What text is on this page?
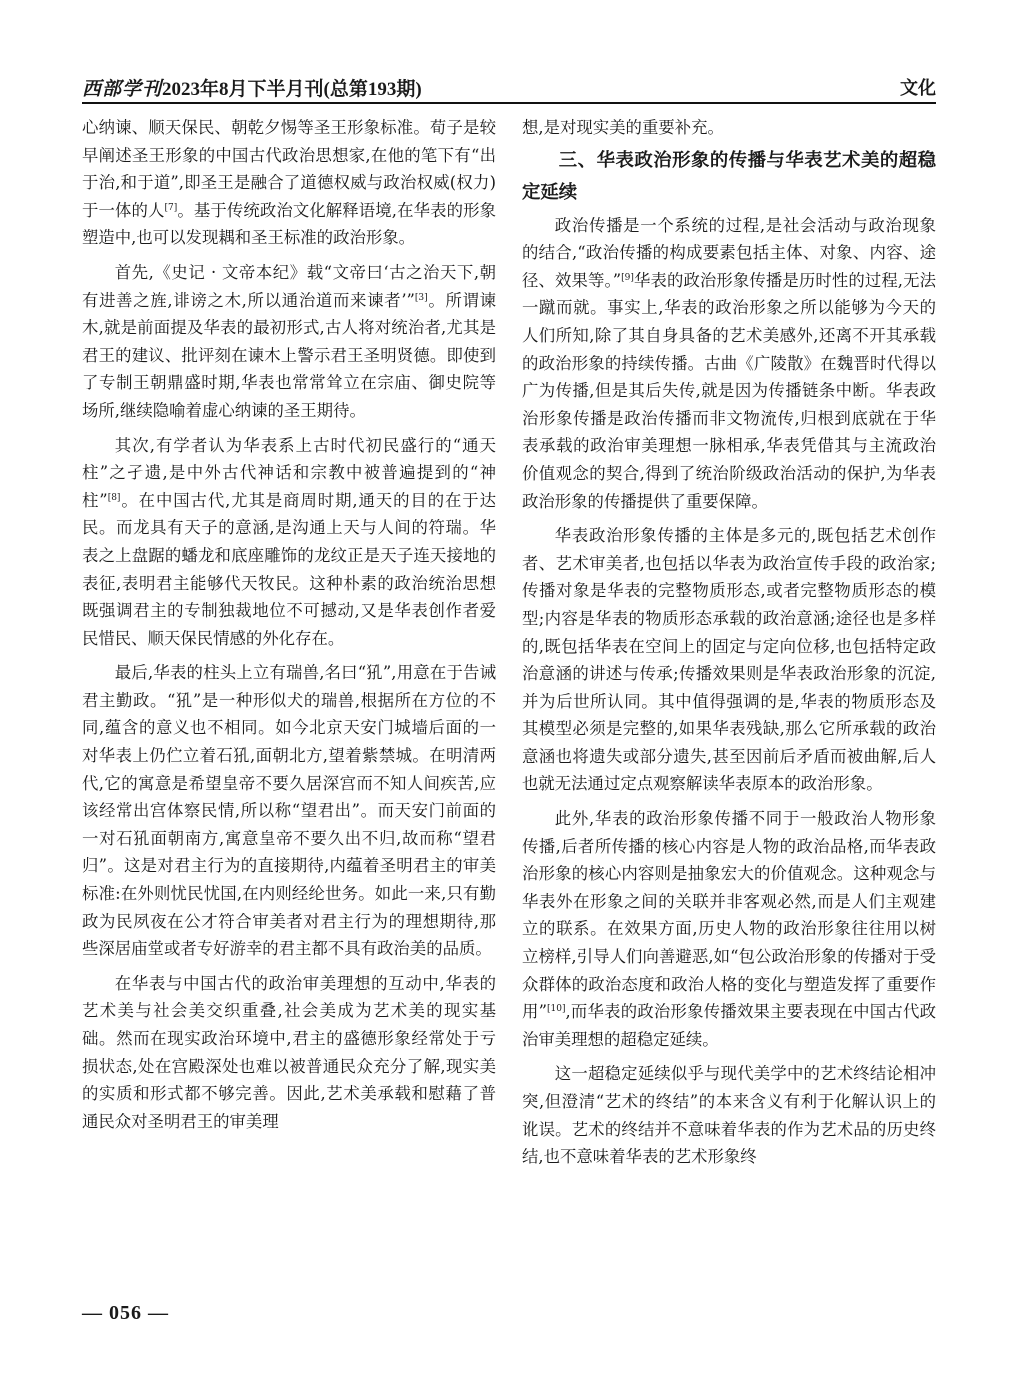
西部学刊2023年8月下半月刊(总第193期)	文化

心纳谏、顺天保民、朝乾夕惕等圣王形象标准。荀子是较早阐述圣王形象的中国古代政治思想家,在他的笔下有“出于治,和于道”,即圣王是融合了道德权威与政治权威(权力)于一体的人[7]。基于传统政治文化解释语境,在华表的形象塑造中,也可以发现耦和圣王标准的政治形象。

首先,《史记 · 文帝本纪》载“文帝曰‘古之治天下,朝有进善之旌,诽谤之木,所以通治道而来谏者’”[3]。所谓谏木,就是前面提及华表的最初形式,古人将对统治者,尤其是君王的建议、批评刻在谏木上警示君王圣明贤德。即使到了专制王朝鼎盛时期,华表也常常耸立在宗庙、御史院等场所,继续隐喻着虚心纳谏的圣王期待。

其次,有学者认为华表系上古时代初民盛行的“通天柱”之孑遗,是中外古代神话和宗教中被普遍提到的“神柱”[8]。在中国古代,尤其是商周时期,通天的目的在于达民。而龙具有天子的意涵,是沟通上天与人间的符瑞。华表之上盘踞的蟠龙和底座雕饰的龙纹正是天子连天接地的表征,表明君主能够代天牧民。这种朴素的政治统治思想既强调君主的专制独裁地位不可撼动,又是华表创作者爱民惜民、顺天保民情感的外化存在。

最后,华表的柱头上立有瑞兽,名曰“犼”,用意在于告诫君主勤政。“犼”是一种形似犬的瑞兽,根据所在方位的不同,蕴含的意义也不相同。如今北京天安门城墙后面的一对华表上仍伫立着石犼,面朝北方,望着紫禁城。在明清两代,它的寓意是希望皇帝不要久居深宫而不知人间疾苦,应该经常出宫体察民情,所以称“望君出”。而天安门前面的一对石犼面朝南方,寓意皇帝不要久出不归,故而称“望君归”。这是对君主行为的直接期待,内蕴着圣明君主的审美标准:在外则忧民忧国,在内则经纶世务。如此一来,只有勤政为民夙夜在公才符合审美者对君主行为的理想期待,那些深居庙堂或者专好游幸的君主都不具有政治美的品质。

在华表与中国古代的政治审美理想的互动中,华表的艺术美与社会美交织重叠,社会美成为艺术美的现实基础。然而在现实政治环境中,君主的盛德形象经常处于亏损状态,处在宫殿深处也难以被普通民众充分了解,现实美的实质和形式都不够完善。因此,艺术美承载和慰藉了普通民众对圣明君王的审美理

想,是对现实美的重要补充。

三、华表政治形象的传播与华表艺术美的超稳定延续

政治传播是一个系统的过程,是社会活动与政治现象的结合,“政治传播的构成要素包括主体、对象、内容、途径、效果等。”[9]华表的政治形象传播是历时性的过程,无法一蹴而就。事实上,华表的政治形象之所以能够为今天的人们所知,除了其自身具备的艺术美感外,还离不开其承载的政治形象的持续传播。古曲《广陵散》在魏晋时代得以广为传播,但是其后失传,就是因为传播链条中断。华表政治形象传播是政治传播而非文物流传,归根到底就在于华表承载的政治审美理想一脉相承,华表凭借其与主流政治价值观念的契合,得到了统治阶级政治活动的保护,为华表政治形象的传播提供了重要保障。

华表政治形象传播的主体是多元的,既包括艺术创作者、艺术审美者,也包括以华表为政治宣传手段的政治家;传播对象是华表的完整物质形态,或者完整物质形态的模型;内容是华表的物质形态承载的政治意涵;途径也是多样的,既包括华表在空间上的固定与定向位移,也包括特定政治意涵的讲述与传承;传播效果则是华表政治形象的沉淀,并为后世所认同。其中值得强调的是,华表的物质形态及其模型必须是完整的,如果华表残缺,那么它所承载的政治意涵也将遗失或部分遗失,甚至因前后矛盾而被曲解,后人也就无法通过定点观察解读华表原本的政治形象。

此外,华表的政治形象传播不同于一般政治人物形象传播,后者所传播的核心内容是人物的政治品格,而华表政治形象的核心内容则是抽象宏大的价值观念。这种观念与华表外在形象之间的关联并非客观必然,而是人们主观建立的联系。在效果方面,历史人物的政治形象往往用以树立榜样,引导人们向善避恶,如“包公政治形象的传播对于受众群体的政治态度和政治人格的变化与塑造发挥了重要作用”[10],而华表的政治形象传播效果主要表现在中国古代政治审美理想的超稳定延续。

这一超稳定延续似乎与现代美学中的艺术终结论相冲突,但澄清“艺术的终结”的本来含义有利于化解认识上的讹误。艺术的终结并不意味着华表的作为艺术品的历史终结,也不意味着华表的艺术形象终

— 056 —
